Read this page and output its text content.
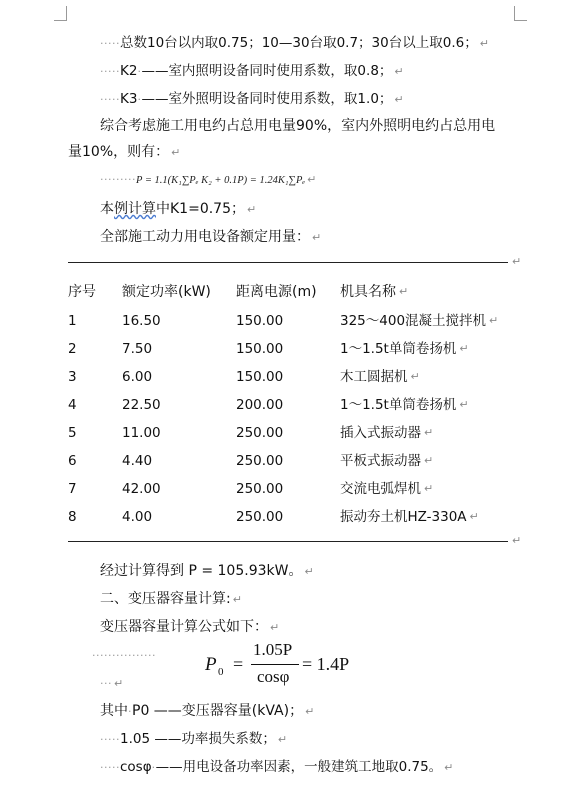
·····总数10台以内取0.75；10—30台取0.7；30台以上取0.6； ↵
·····K2·——室内照明设备同时使用系数，取0.8； ↵
·····K3·——室外照明设备同时使用系数，取1.0； ↵
综合考虑施工用电约占总用电量90%，室内外照明电约占总用电
量10%，则有： ↵
·········P = 1.1(K₁∑Pₑ K₂ + 0.1P) = 1.24K₁∑Pₑ ↵
本例计算中K1=0.75； ↵
全部施工动力用电设备额定用量： ↵
↵
序号 额定功率(kW) 距离电源(m) 机具名称 ↵
1	16.50	150.00	325～400混凝土搅拌机 ↵
2	7.50	150.00	1～1.5t单筒卷扬机 ↵
3	6.00	150.00	木工圆据机 ↵
4	22.50	200.00	1～1.5t单筒卷扬机 ↵
5	11.00	250.00	插入式振动器 ↵
6	4.40	250.00	平板式振动器 ↵
7	42.00	250.00	交流电弧焊机 ↵
8	4.00	250.00	振动夯土机HZ-330A ↵
↵
经过计算得到 P = 105.93kW。 ↵
二、变压器容量计算: ↵
变压器容量计算公式如下： ↵
················	P 0 =
1.05P
cosφ
= 1.4P
··· ↵
其中·P0 ——变压器容量(kVA)； ↵
·····1.05 ——功率损失系数； ↵
·····cosφ·——用电设备功率因素，一般建筑工地取0.75。 ↵
